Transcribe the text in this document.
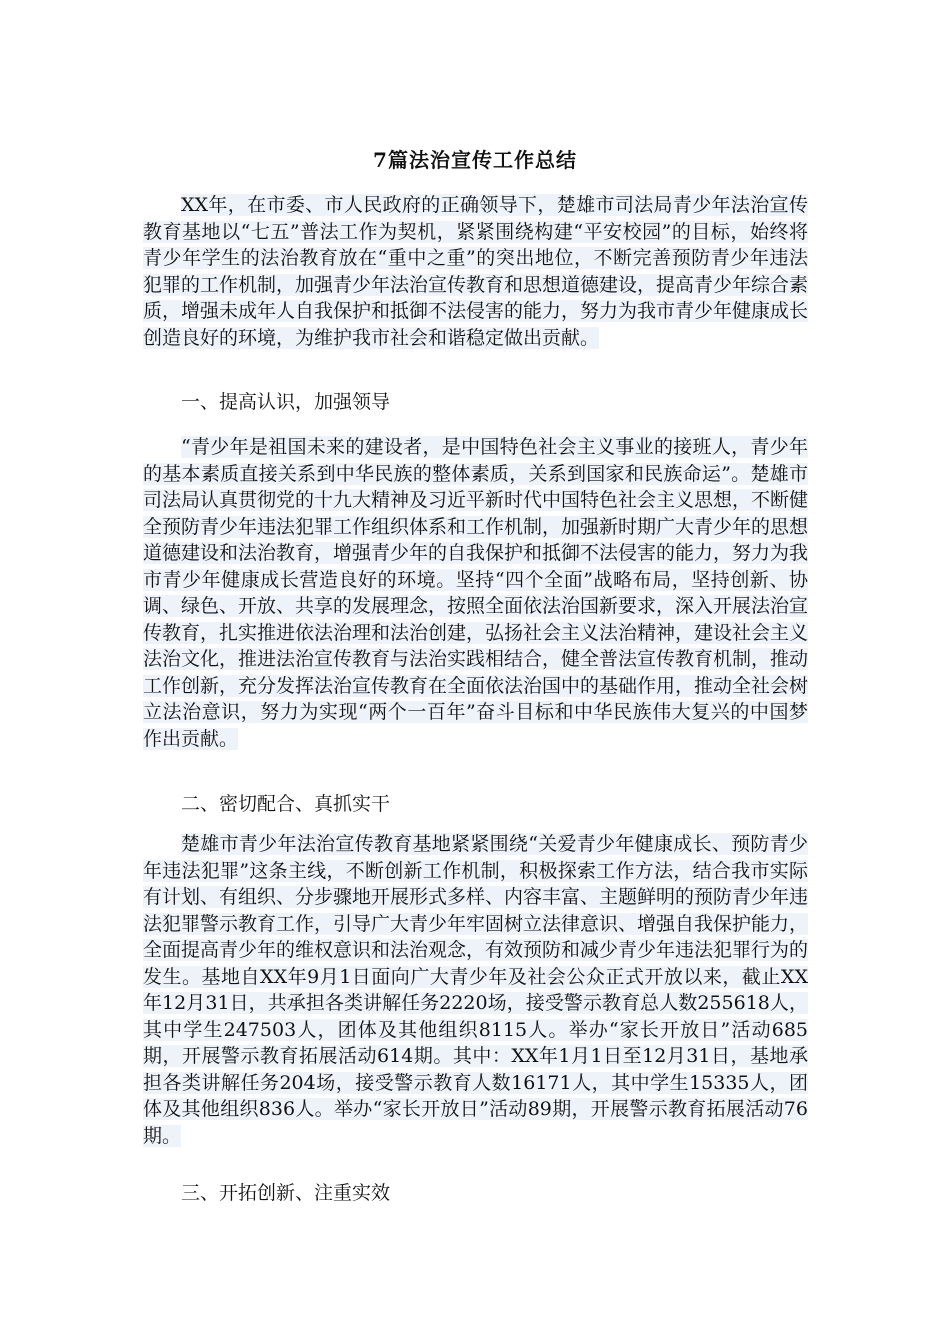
7篇法治宣传工作总结

XX年，在市委、市人民政府的正确领导下，楚雄市司法局青少年法治宣传教育基地以“七五”普法工作为契机，紧紧围绕构建“平安校园”的目标，始终将青少年学生的法治教育放在“重中之重”的突出地位，不断完善预防青少年违法犯罪的工作机制，加强青少年法治宣传教育和思想道德建设，提高青少年综合素质，增强未成年人自我保护和抵御不法侵害的能力，努力为我市青少年健康成长创造良好的环境，为维护我市社会和谐稳定做出贡献。

一、提高认识，加强领导

“青少年是祖国未来的建设者，是中国特色社会主义事业的接班人，青少年的基本素质直接关系到中华民族的整体素质，关系到国家和民族命运”。楚雄市司法局认真贯彻党的十九大精神及习近平新时代中国特色社会主义思想，不断健全预防青少年违法犯罪工作组织体系和工作机制，加强新时期广大青少年的思想道德建设和法治教育，增强青少年的自我保护和抵御不法侵害的能力，努力为我市青少年健康成长营造良好的环境。坚持“四个全面”战略布局，坚持创新、协调、绿色、开放、共享的发展理念，按照全面依法治国新要求，深入开展法治宣传教育，扎实推进依法治理和法治创建，弘扬社会主义法治精神，建设社会主义法治文化，推进法治宣传教育与法治实践相结合，健全普法宣传教育机制，推动工作创新，充分发挥法治宣传教育在全面依法治国中的基础作用，推动全社会树立法治意识，努力为实现“两个一百年”奋斗目标和中华民族伟大复兴的中国梦作出贡献。

二、密切配合、真抓实干

楚雄市青少年法治宣传教育基地紧紧围绕“关爱青少年健康成长、预防青少年违法犯罪”这条主线，不断创新工作机制，积极探索工作方法，结合我市实际有计划、有组织、分步骤地开展形式多样、内容丰富、主题鲜明的预防青少年违法犯罪警示教育工作，引导广大青少年牢固树立法律意识、增强自我保护能力，全面提高青少年的维权意识和法治观念，有效预防和减少青少年违法犯罪行为的发生。基地自XX年9月1日面向广大青少年及社会公众正式开放以来，截止XX年12月31日，共承担各类讲解任务2220场，接受警示教育总人数255618人，其中学生247503人，团体及其他组织8115人。举办“家长开放日”活动685期，开展警示教育拓展活动614期。其中：XX年1月1日至12月31日，基地承担各类讲解任务204场，接受警示教育人数16171人，其中学生15335人，团体及其他组织836人。举办“家长开放日”活动89期，开展警示教育拓展活动76期。

三、开拓创新、注重实效
